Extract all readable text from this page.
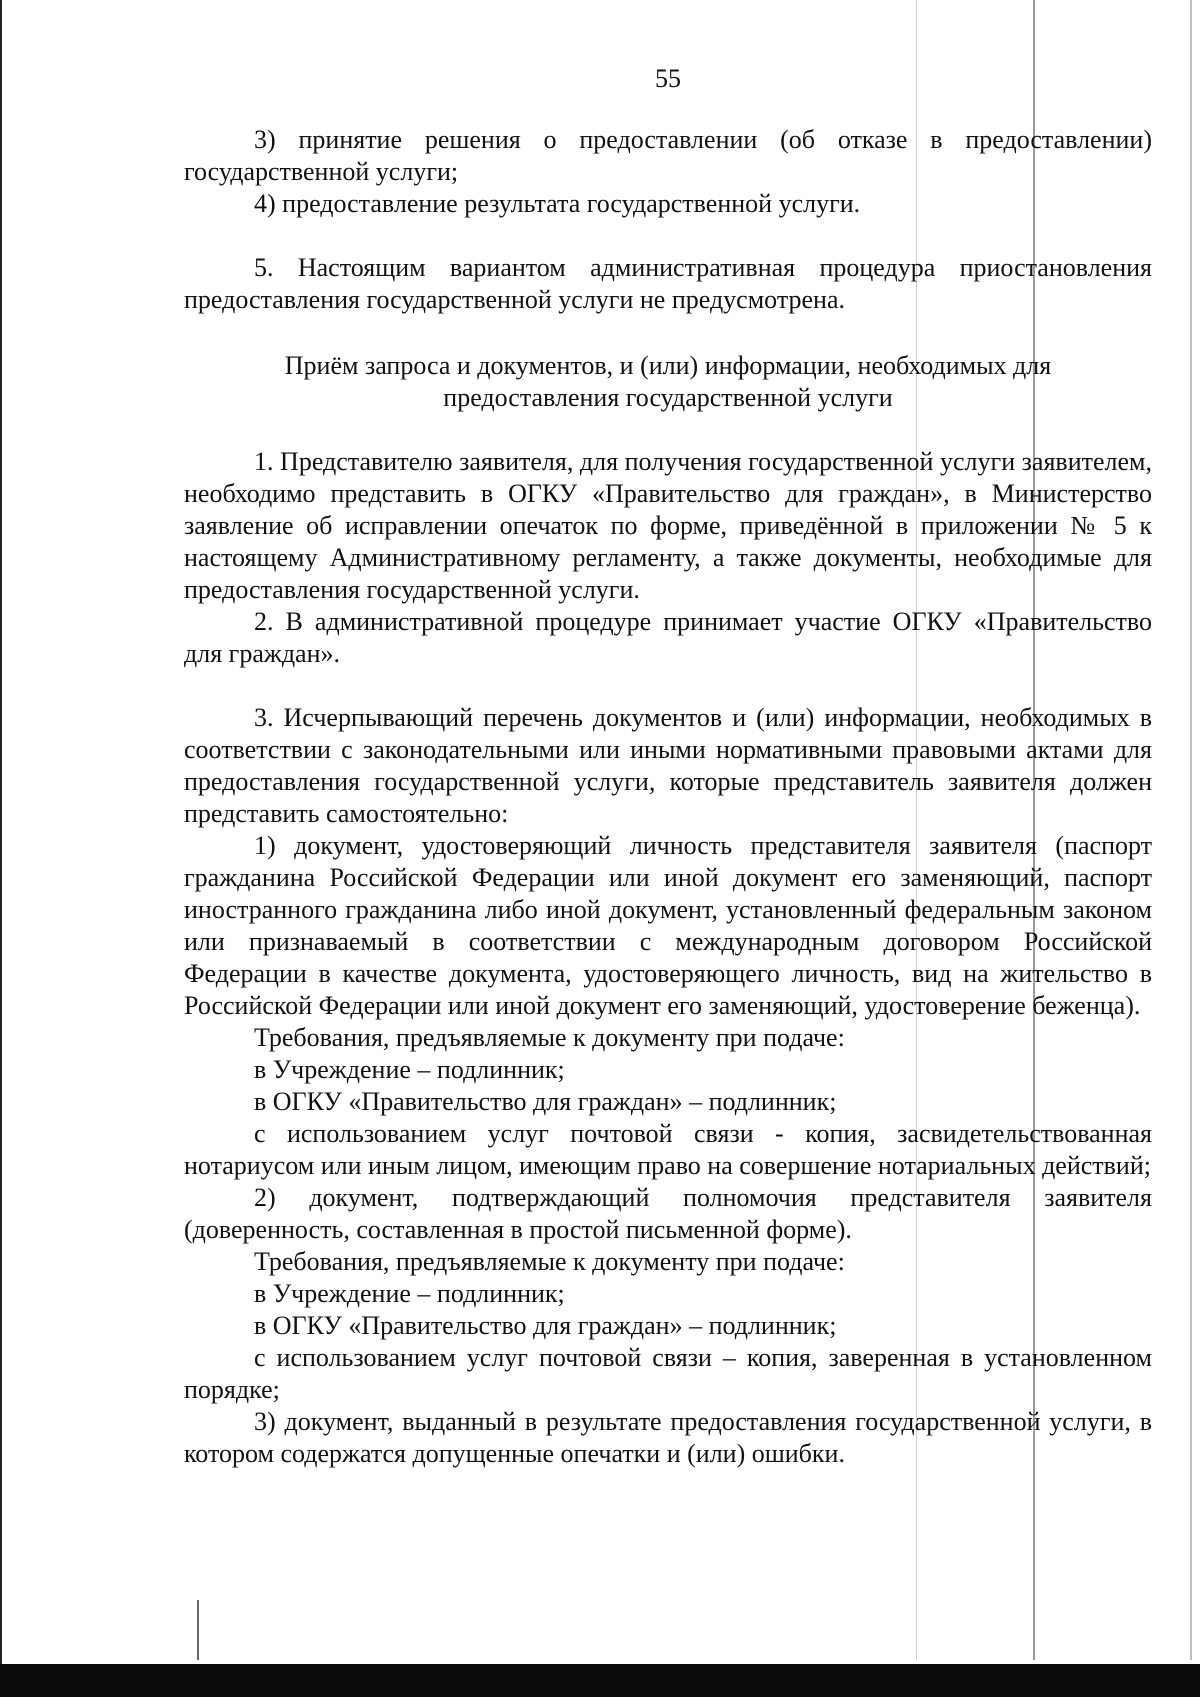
55

3) принятие решения о предоставлении (об отказе в предоставлении) государственной услуги;

4) предоставление результата государственной услуги.

5. Настоящим вариантом административная процедура приостановления предоставления государственной услуги не предусмотрена.

Приём запроса и документов, и (или) информации, необходимых для

предоставления государственной услуги

1. Представителю заявителя, для получения государственной услуги заявителем, необходимо представить в ОГКУ «Правительство для граждан», в Министерство заявление об исправлении опечаток по форме, приведённой в приложении № 5 к настоящему Административному регламенту, а также документы, необходимые для предоставления государственной услуги.

2. В административной процедуре принимает участие ОГКУ «Правительство для граждан».

3. Исчерпывающий перечень документов и (или) информации, необходимых в соответствии с законодательными или иными нормативными правовыми актами для предоставления государственной услуги, которые представитель заявителя должен представить самостоятельно:

1) документ, удостоверяющий личность представителя заявителя (паспорт гражданина Российской Федерации или иной документ его заменяющий, паспорт иностранного гражданина либо иной документ, установленный федеральным законом или признаваемый в соответствии с международным договором Российской Федерации в качестве документа, удостоверяющего личность, вид на жительство в Российской Федерации или иной документ его заменяющий, удостоверение беженца).

Требования, предъявляемые к документу при подаче:

в Учреждение – подлинник;

в ОГКУ «Правительство для граждан» – подлинник;

с использованием услуг почтовой связи - копия, засвидетельствованная нотариусом или иным лицом, имеющим право на совершение нотариальных действий;

2) документ, подтверждающий полномочия представителя заявителя (доверенность, составленная в простой письменной форме).

Требования, предъявляемые к документу при подаче:

в Учреждение – подлинник;

в ОГКУ «Правительство для граждан» – подлинник;

с использованием услуг почтовой связи – копия, заверенная в установленном порядке;

3) документ, выданный в результате предоставления государственной услуги, в котором содержатся допущенные опечатки и (или) ошибки.
